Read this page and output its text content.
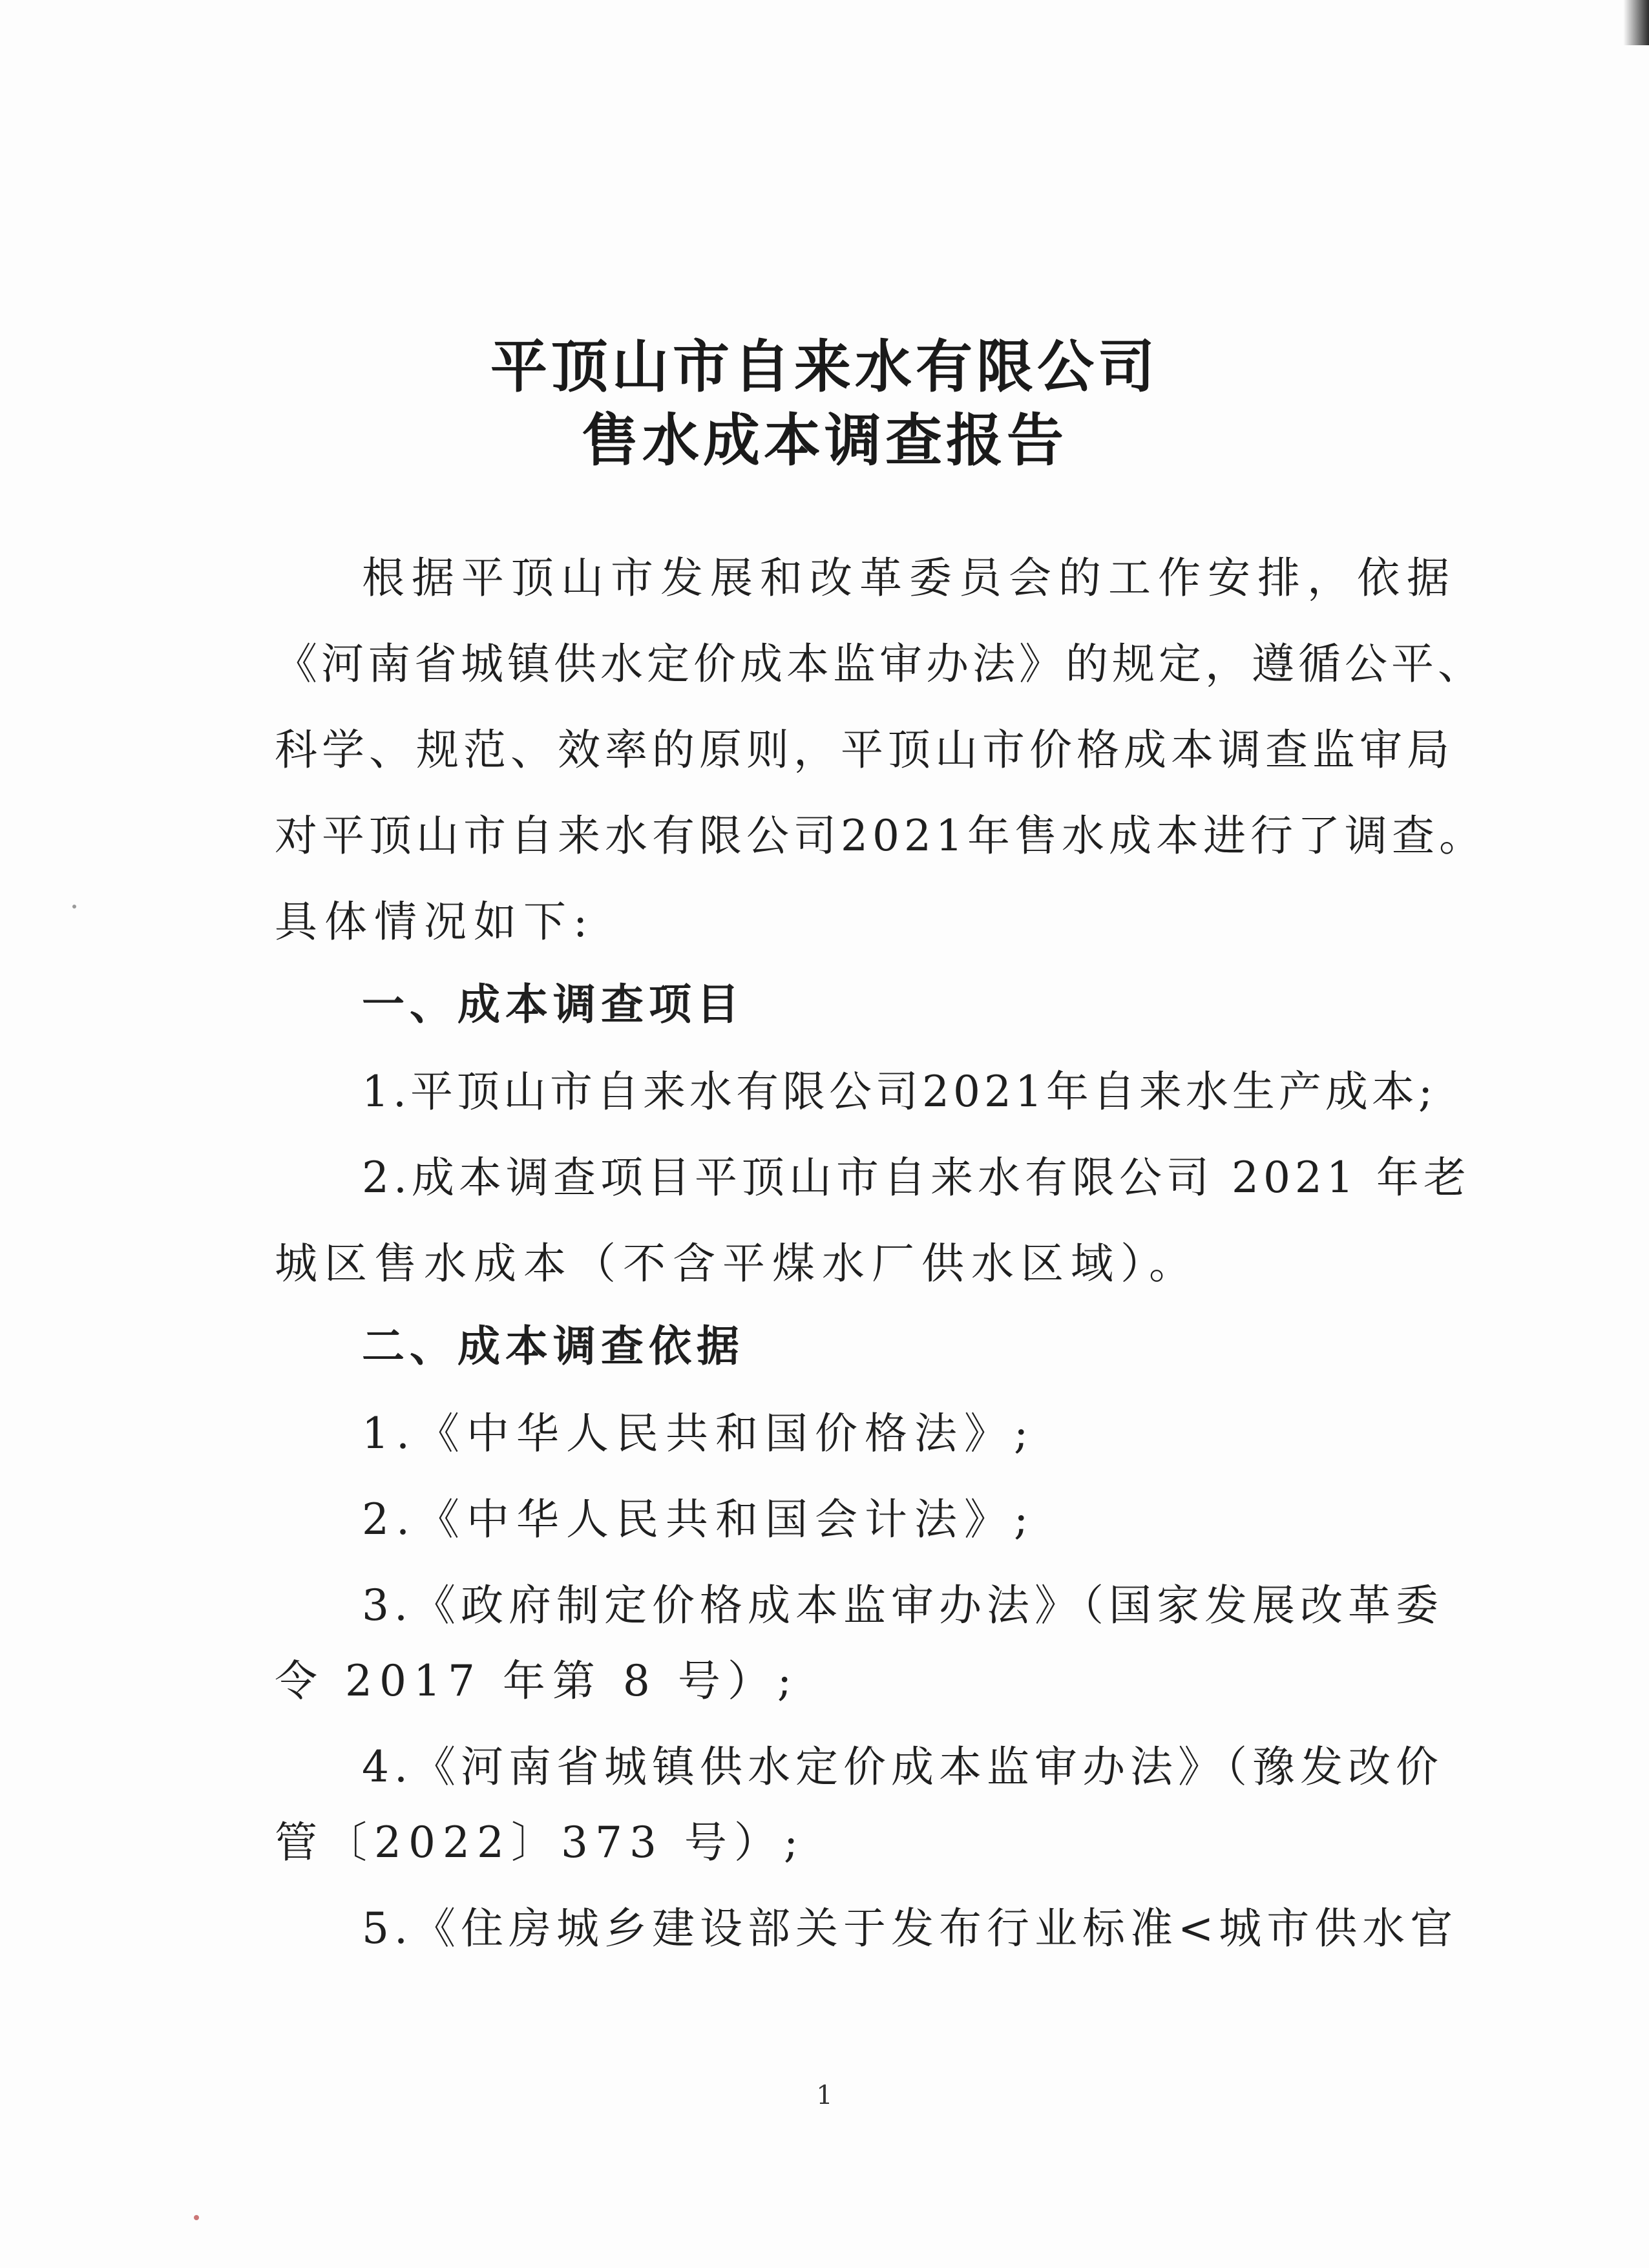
平顶山市自来水有限公司
售水成本调查报告
根据平顶山市发展和改革委员会的工作安排，依据
《河南省城镇供水定价成本监审办法》的规定，遵循公平、
科学、规范、效率的原则，平顶山市价格成本调查监审局
对平顶山市自来水有限公司2021年售水成本进行了调查。
具体情况如下:
一、成本调查项目
1.平顶山市自来水有限公司2021年自来水生产成本;
2.成本调查项目平顶山市自来水有限公司 2021 年老
城区售水成本（不含平煤水厂供水区域）。
二、成本调查依据
1.《中华人民共和国价格法》;
2.《中华人民共和国会计法》;
3.《政府制定价格成本监审办法》（国家发展改革委
令 2017 年第 8 号）;
4.《河南省城镇供水定价成本监审办法》（豫发改价
管〔2022〕373 号）;
5.《住房城乡建设部关于发布行业标准<城市供水官
1
